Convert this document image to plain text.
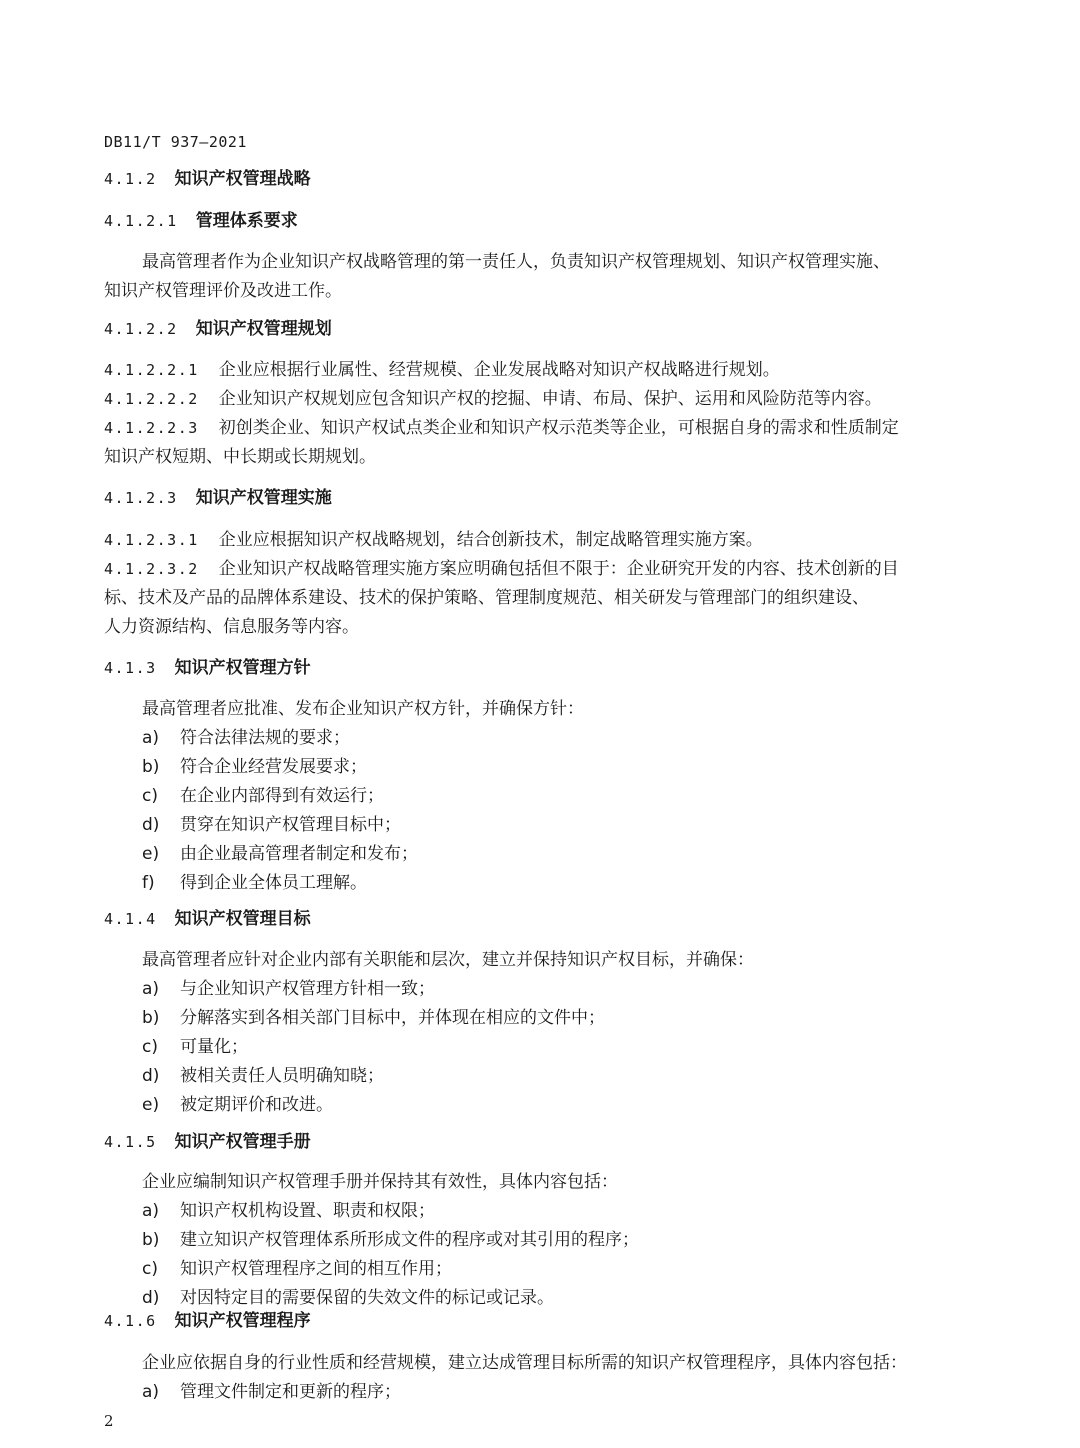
DB11/T 937—2021
4.1.2 知识产权管理战略
4.1.2.1 管理体系要求
最高管理者作为企业知识产权战略管理的第一责任人，负责知识产权管理规划、知识产权管理实施、
知识产权管理评价及改进工作。
4.1.2.2 知识产权管理规划
4.1.2.2.1 企业应根据行业属性、经营规模、企业发展战略对知识产权战略进行规划。
4.1.2.2.2 企业知识产权规划应包含知识产权的挖掘、申请、布局、保护、运用和风险防范等内容。
4.1.2.2.3 初创类企业、知识产权试点类企业和知识产权示范类等企业，可根据自身的需求和性质制定
知识产权短期、中长期或长期规划。
4.1.2.3 知识产权管理实施
4.1.2.3.1 企业应根据知识产权战略规划，结合创新技术，制定战略管理实施方案。
4.1.2.3.2 企业知识产权战略管理实施方案应明确包括但不限于：企业研究开发的内容、技术创新的目
标、技术及产品的品牌体系建设、技术的保护策略、管理制度规范、相关研发与管理部门的组织建设、
人力资源结构、信息服务等内容。
4.1.3 知识产权管理方针
最高管理者应批准、发布企业知识产权方针，并确保方针：
a) 符合法律法规的要求；
b) 符合企业经营发展要求；
c) 在企业内部得到有效运行；
d) 贯穿在知识产权管理目标中；
e) 由企业最高管理者制定和发布；
f) 得到企业全体员工理解。
4.1.4 知识产权管理目标
最高管理者应针对企业内部有关职能和层次，建立并保持知识产权目标，并确保：
a) 与企业知识产权管理方针相一致；
b) 分解落实到各相关部门目标中，并体现在相应的文件中；
c) 可量化；
d) 被相关责任人员明确知晓；
e) 被定期评价和改进。
4.1.5 知识产权管理手册
企业应编制知识产权管理手册并保持其有效性，具体内容包括：
a) 知识产权机构设置、职责和权限；
b) 建立知识产权管理体系所形成文件的程序或对其引用的程序；
c) 知识产权管理程序之间的相互作用；
d) 对因特定目的需要保留的失效文件的标记或记录。
4.1.6 知识产权管理程序
企业应依据自身的行业性质和经营规模，建立达成管理目标所需的知识产权管理程序，具体内容包括：
a) 管理文件制定和更新的程序；
2
